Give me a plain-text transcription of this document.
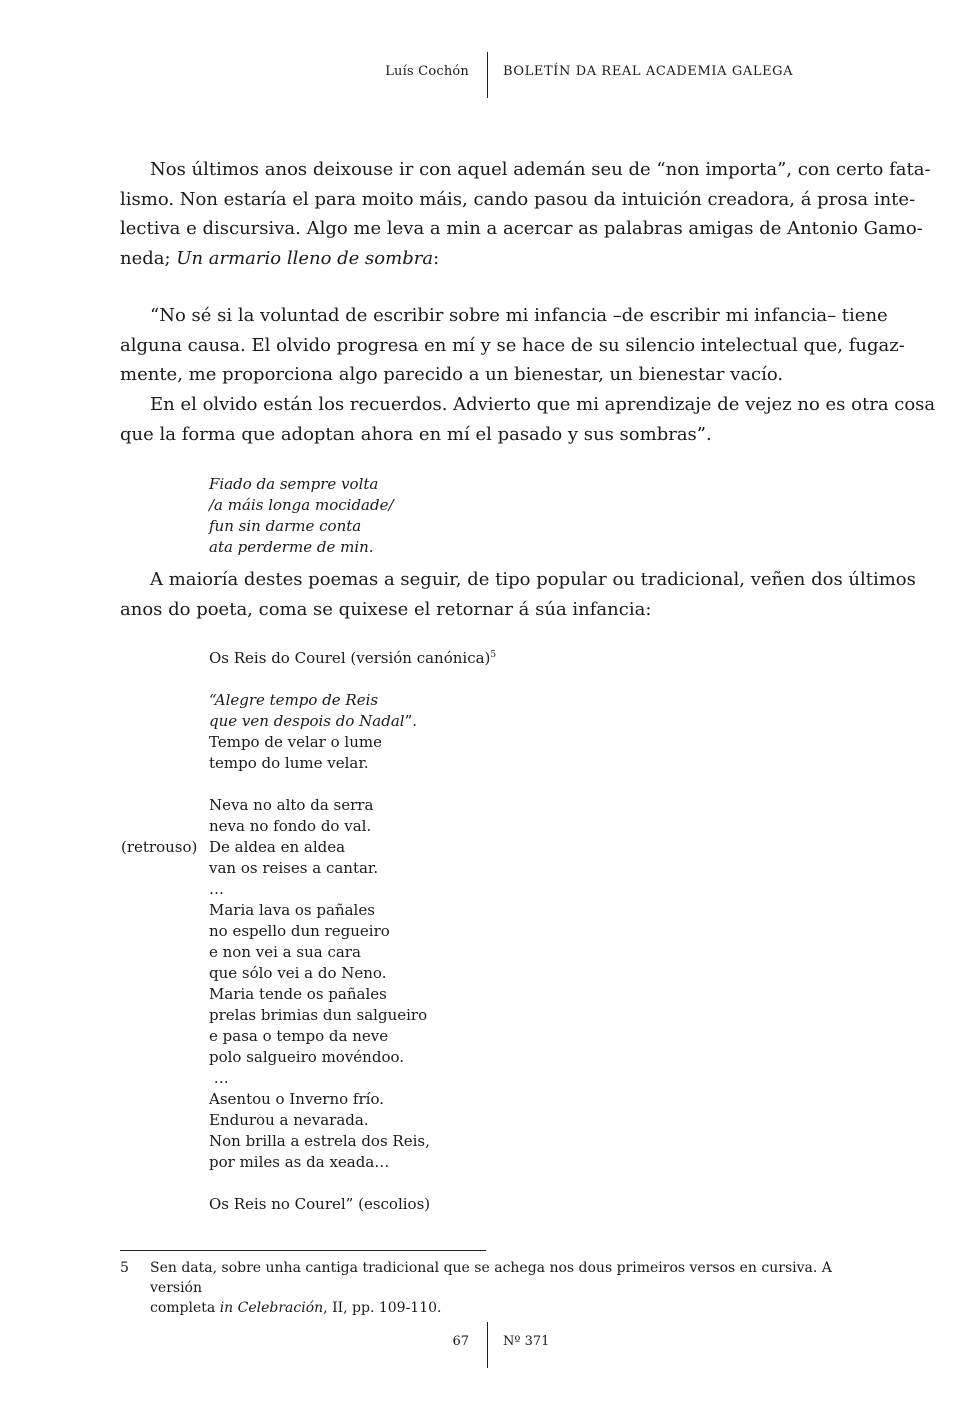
Luís Cochón	BOLETÍN DA REAL ACADEMIA GALEGA
Nos últimos anos deixouse ir con aquel ademán seu de “non importa”, con certo fata-
lismo. Non estaría el para moito máis, cando pasou da intuición creadora, á prosa inte-
lectiva e discursiva. Algo me leva a min a acercar as palabras amigas de Antonio Gamo-
neda; Un armario lleno de sombra:
“No sé si la voluntad de escribir sobre mi infancia –de escribir mi infancia– tiene
alguna causa. El olvido progresa en mí y se hace de su silencio intelectual que, fugaz-
mente, me proporciona algo parecido a un bienestar, un bienestar vacío.
En el olvido están los recuerdos. Advierto que mi aprendizaje de vejez no es otra cosa
que la forma que adoptan ahora en mí el pasado y sus sombras”.
Fiado da sempre volta
/a máis longa mocidade/
fun sin darme conta
ata perderme de min.
A maioría destes poemas a seguir, de tipo popular ou tradicional, veñen dos últimos
anos do poeta, coma se quixese el retornar á súa infancia:
Os Reis do Courel (versión canónica)$^5$
“Alegre tempo de Reis
que ven despois do Nadal”.
Tempo de velar o lume
tempo do lume velar.
Neva no alto da serra
neva no fondo do val.
De aldea en aldea
van os reises a cantar.
…
Maria lava os pañales
no espello dun regueiro
e non vei a sua cara
que sólo vei a do Neno.
Maria tende os pañales
prelas brimias dun salgueiro
e pasa o tempo da neve
polo salgueiro movéndoo.
…
Asentou o Inverno frío.
Endurou a nevarada.
Non brilla a estrela dos Reis,
por miles as da xeada…
Os Reis no Courel” (escolios)
(retrouso)
5 Sen data, sobre unha cantiga tradicional que se achega nos dous primeiros versos en cursiva. A versión
completa in Celebración, II, pp. 109-110.
67	Nº 371
